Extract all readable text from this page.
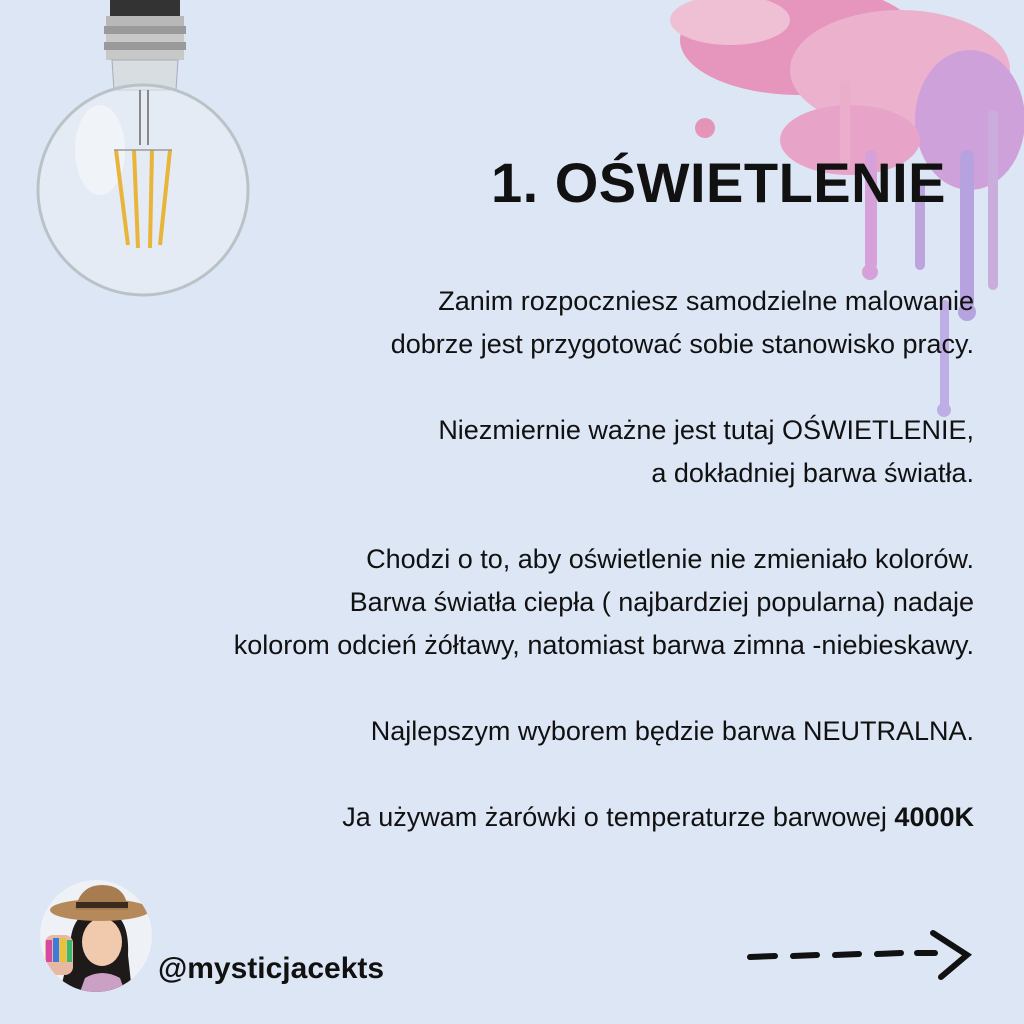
1. OŚWIETLENIE

Zanim rozpoczniesz samodzielne malowanie
dobrze jest przygotować sobie stanowisko pracy.

Niezmiernie ważne jest tutaj OŚWIETLENIE,
a dokładniej barwa światła.

Chodzi o to, aby oświetlenie nie zmieniało kolorów.
Barwa światła ciepła ( najbardziej popularna) nadaje
kolorom odcień żółtawy, natomiast barwa zimna -niebieskawy.

Najlepszym wyborem będzie barwa NEUTRALNA.

Ja używam żarówki o temperaturze barwowej 4000K

@mysticjacekts
